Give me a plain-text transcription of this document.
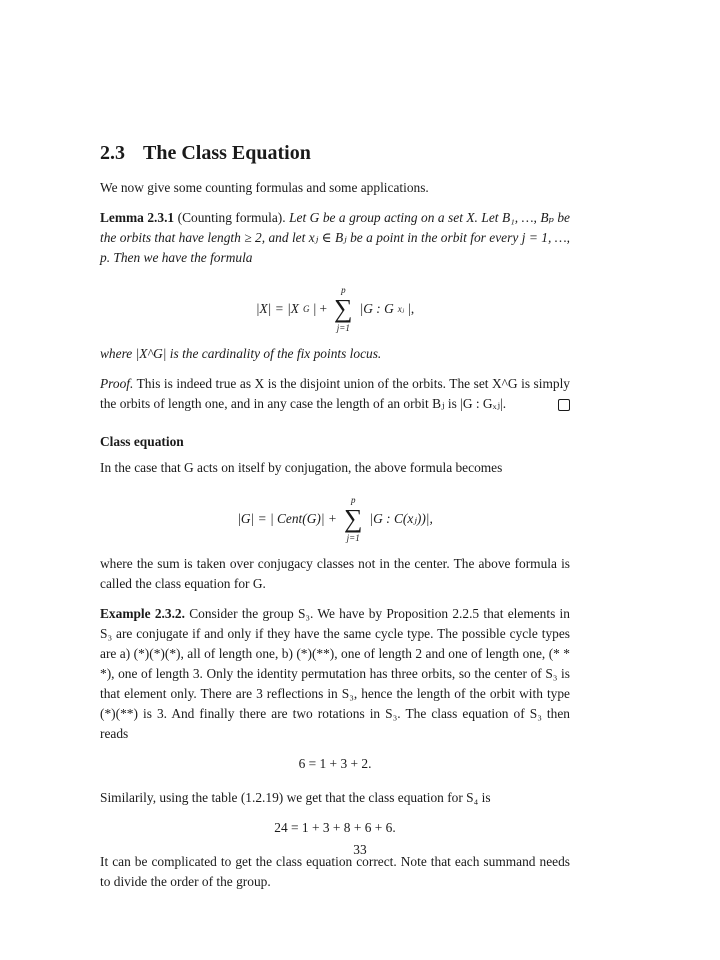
2.3 The Class Equation

We now give some counting formulas and some applications.

Lemma 2.3.1 (Counting formula). Let G be a group acting on a set X. Let B₁, …, Bₚ be the orbits that have length ≥ 2, and let xⱼ ∈ Bⱼ be a point in the orbit for every j = 1, …, p. Then we have the formula

|X| = |X G | +
p
∑
j=1
|G : G xⱼ |,

where |X^G| is the cardinality of the fix points locus.

Proof. This is indeed true as X is the disjoint union of the orbits. The set X^G is simply the orbits of length one, and in any case the length of an orbit Bⱼ is |G : Gₓⱼ|.

Class equation

In the case that G acts on itself by conjugation, the above formula becomes

|G| = | Cent(G)| +
p
∑
j=1
|G : C(xⱼ))|,

where the sum is taken over conjugacy classes not in the center. The above formula is called the class equation for G.

Example 2.3.2. Consider the group S₃. We have by Proposition 2.2.5 that elements in S₃ are conjugate if and only if they have the same cycle type. The possible cycle types are a) (*)(*)(*), all of length one, b) (*)(**), one of length 2 and one of length one, (* * *), one of length 3. Only the identity permutation has three orbits, so the center of S₃ is that element only. There are 3 reflections in S₃, hence the length of the orbit with type (*)(**) is 3. And finally there are two rotations in S₃. The class equation of S₃ then reads

6 = 1 + 3 + 2.

Similarily, using the table (1.2.19) we get that the class equation for S₄ is

24 = 1 + 3 + 8 + 6 + 6.

It can be complicated to get the class equation correct. Note that each summand needs to divide the order of the group.

33
